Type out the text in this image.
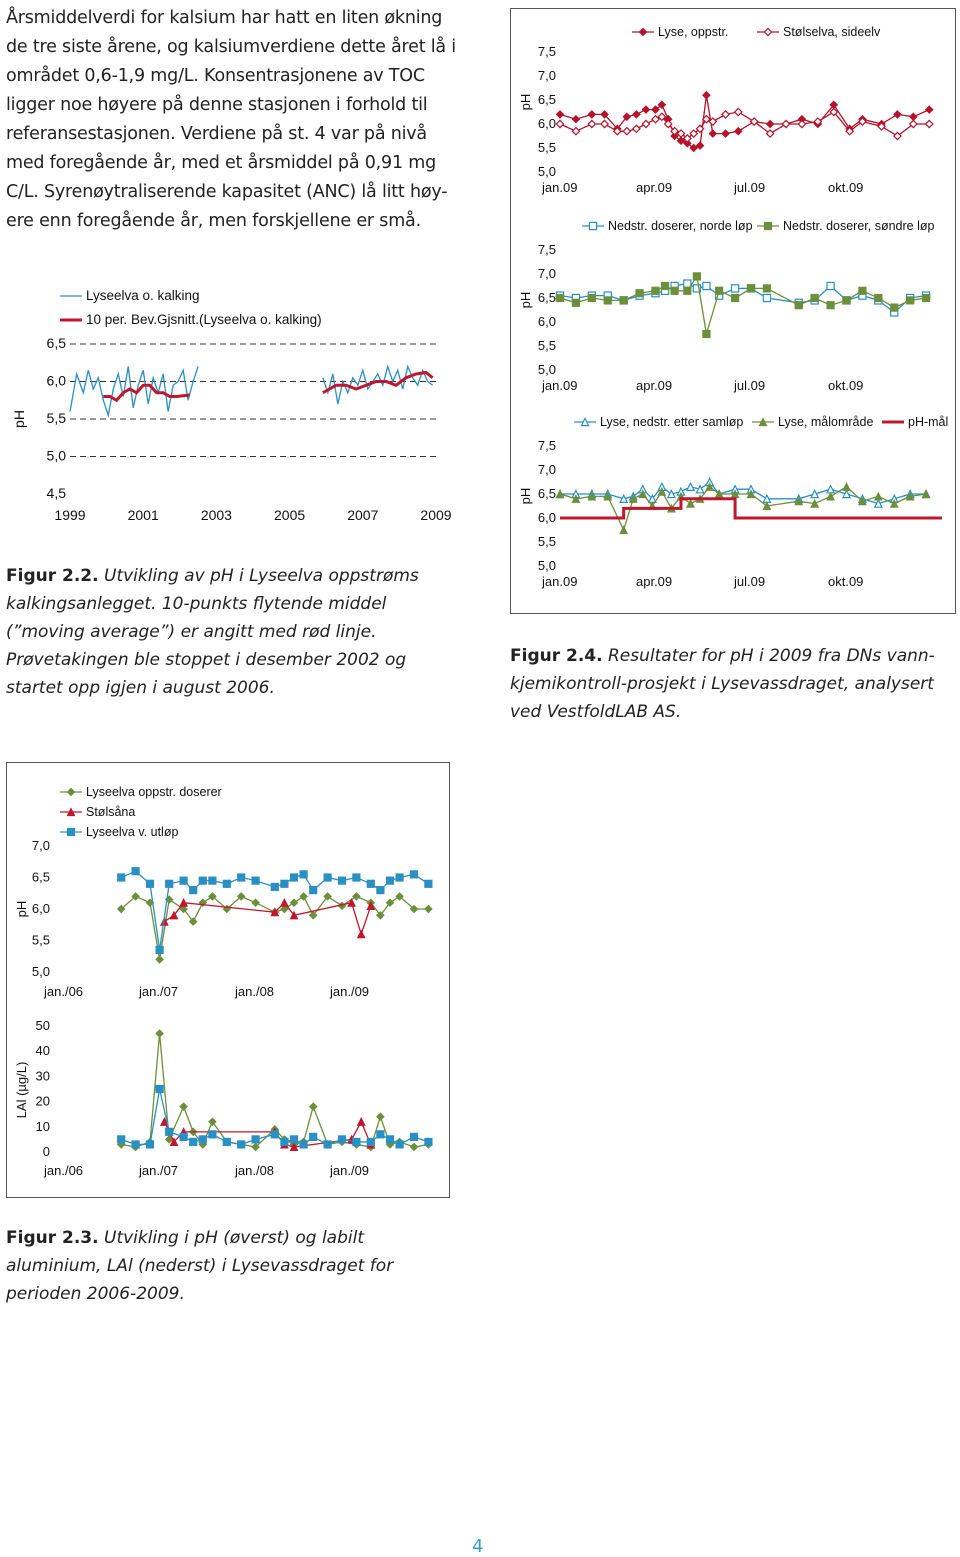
Årsmiddelverdi for kalsium har hatt en liten økning de tre siste årene, og kalsiumverdiene dette året lå i området 0,6-1,9 mg/L. Konsentrasjonene av TOC ligger noe høyere på denne stasjonen i forhold til referansestasjonen. Verdiene på st. 4 var på nivå med foregående år, med et årsmiddel på 0,91 mg C/L. Syrenøytraliserende kapasitet (ANC) lå litt høy-ere enn foregående år, men forskjellene er små.
4,5
5,0
5,5
6,0
6,5
pH
1999	2001	2003	2005	2007	2009
Lyseelva o. kalking
10 per. Bev.Gjsnitt.(Lyseelva o. kalking)
Figur 2.2. Utvikling av pH i Lyseelva oppstrøms kalkingsanlegget. 10-punkts flytende middel (”moving average”) er angitt med rød linje. Prøvetakingen ble stoppet i desember 2002 og startet opp igjen i august 2006.
5,0
5,5
6,0
6,5
7,0
7,5
pH
jan.09	apr.09	jul.09	okt.09
Lyse, oppstr.	Stølselva, sideelv
5,0
5,5
6,0
6,5
7,0
7,5
pH
jan.09	apr.09	jul.09	okt.09
Nedstr. doserer, norde løp Nedstr. doserer, søndre løp
5,0
5,5
6,0
6,5
7,0
7,5
pH
jan.09	apr.09	jul.09	okt.09
Lyse, nedstr. etter samløp	Lyse, målområde	pH-mål
Figur 2.4. Resultater for pH i 2009 fra DNs vann-kjemikontroll-prosjekt i Lysevassdraget, analysert ved VestfoldLAB AS.
5,0
5,5
6,0
6,5
7,0
pH
jan./06	jan./07	jan./08	jan./09
Lyseelva oppstr. doserer
Stølsåna
Lyseelva v. utløp
0
10
20
30
40
50
LAl (µg/L)
jan./06	jan./07	jan./08	jan./09
Figur 2.3. Utvikling i pH (øverst) og labilt aluminium, LAl (nederst) i Lysevassdraget for perioden 2006-2009.
4
